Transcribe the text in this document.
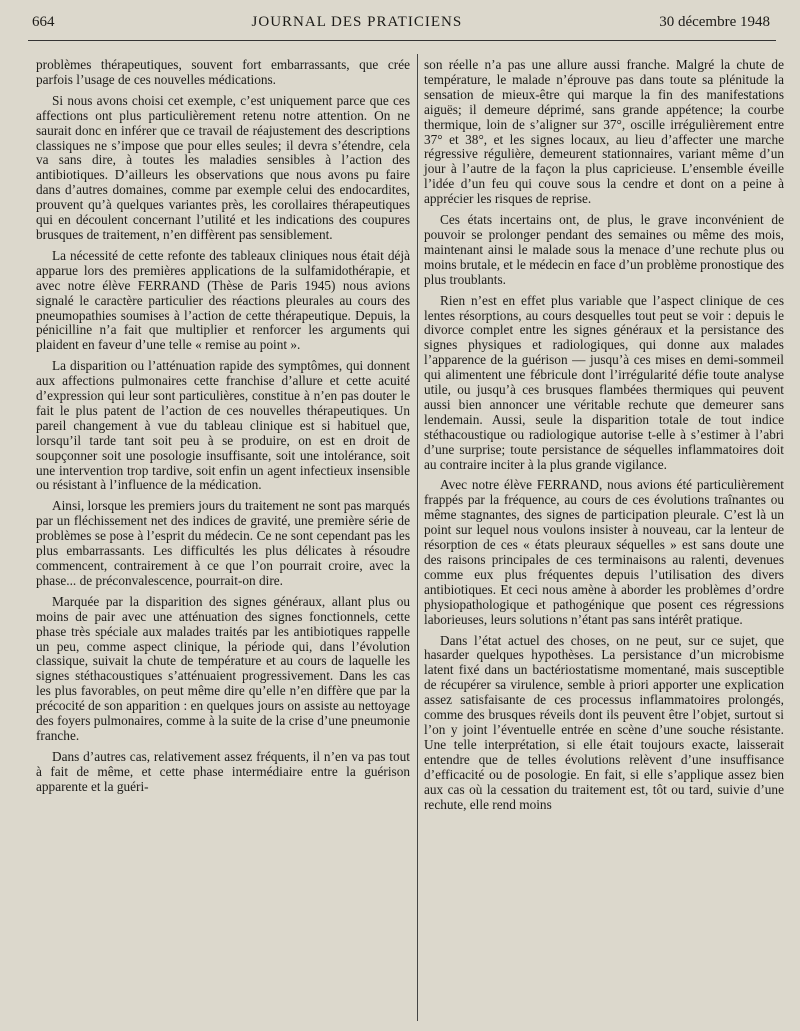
664	JOURNAL DES PRATICIENS	30 décembre 1948

problèmes thérapeutiques, souvent fort embarrassants, que crée parfois l’usage de ces nouvelles médications.

Si nous avons choisi cet exemple, c’est uniquement parce que ces affections ont plus particulièrement retenu notre attention. On ne saurait donc en inférer que ce travail de réajustement des descriptions classiques ne s’impose que pour elles seules; il devra s’étendre, cela va sans dire, à toutes les maladies sensibles à l’action des antibiotiques. D’ailleurs les observations que nous avons pu faire dans d’autres domaines, comme par exemple celui des endocardites, prouvent qu’à quelques variantes près, les corollaires thérapeutiques qui en découlent concernant l’utilité et les indications des coupures brusques de traitement, n’en diffèrent pas sensiblement.

La nécessité de cette refonte des tableaux cliniques nous était déjà apparue lors des premières applications de la sulfamidothérapie, et avec notre élève FERRAND (Thèse de Paris 1945) nous avions signalé le caractère particulier des réactions pleurales au cours des pneumopathies soumises à l’action de cette thérapeutique. Depuis, la pénicilline n’a fait que multiplier et renforcer les arguments qui plaident en faveur d’une telle « remise au point ».

La disparition ou l’atténuation rapide des symptômes, qui donnent aux affections pulmonaires cette franchise d’allure et cette acuité d’expression qui leur sont particulières, constitue à n’en pas douter le fait le plus patent de l’action de ces nouvelles thérapeutiques. Un pareil changement à vue du tableau clinique est si habituel que, lorsqu’il tarde tant soit peu à se produire, on est en droit de soupçonner soit une posologie insuffisante, soit une intolérance, soit une intervention trop tardive, soit enfin un agent infectieux insensible ou résistant à l’influence de la médication.

Ainsi, lorsque les premiers jours du traitement ne sont pas marqués par un fléchissement net des indices de gravité, une première série de problèmes se pose à l’esprit du médecin. Ce ne sont cependant pas les plus embarrassants. Les difficultés les plus délicates à résoudre commencent, contrairement à ce que l’on pourrait croire, avec la phase... de préconvalescence, pourrait-on dire.

Marquée par la disparition des signes généraux, allant plus ou moins de pair avec une atténuation des signes fonctionnels, cette phase très spéciale aux malades traités par les antibiotiques rappelle un peu, comme aspect clinique, la période qui, dans l’évolution classique, suivait la chute de température et au cours de laquelle les signes stéthacoustiques s’atténuaient progressivement. Dans les cas les plus favorables, on peut même dire qu’elle n’en diffère que par la précocité de son apparition : en quelques jours on assiste au nettoyage des foyers pulmonaires, comme à la suite de la crise d’une pneumonie franche.

Dans d’autres cas, relativement assez fréquents, il n’en va pas tout à fait de même, et cette phase intermédiaire entre la guérison apparente et la guéri-

son réelle n’a pas une allure aussi franche. Malgré la chute de température, le malade n’éprouve pas dans toute sa plénitude la sensation de mieux-être qui marque la fin des manifestations aiguës; il demeure déprimé, sans grande appétence; la courbe thermique, loin de s’aligner sur 37°, oscille irrégulièrement entre 37° et 38°, et les signes locaux, au lieu d’affecter une marche régressive régulière, demeurent stationnaires, variant même d’un jour à l’autre de la façon la plus capricieuse. L’ensemble éveille l’idée d’un feu qui couve sous la cendre et dont on a peine à apprécier les risques de reprise.

Ces états incertains ont, de plus, le grave inconvénient de pouvoir se prolonger pendant des semaines ou même des mois, maintenant ainsi le malade sous la menace d’une rechute plus ou moins brutale, et le médecin en face d’un problème pronostique des plus troublants.

Rien n’est en effet plus variable que l’aspect clinique de ces lentes résorptions, au cours desquelles tout peut se voir : depuis le divorce complet entre les signes généraux et la persistance des signes physiques et radiologiques, qui donne aux malades l’apparence de la guérison — jusqu’à ces mises en demi-sommeil qui alimentent une fébricule dont l’irrégularité défie toute analyse utile, ou jusqu’à ces brusques flambées thermiques qui peuvent aussi bien annoncer une véritable rechute que demeurer sans lendemain. Aussi, seule la disparition totale de tout indice stéthacoustique ou radiologique autorise t-elle à s’estimer à l’abri d’une surprise; toute persistance de séquelles inflammatoires doit au contraire inciter à la plus grande vigilance.

Avec notre élève FERRAND, nous avions été particulièrement frappés par la fréquence, au cours de ces évolutions traînantes ou même stagnantes, des signes de participation pleurale. C’est là un point sur lequel nous voulons insister à nouveau, car la lenteur de résorption de ces « états pleuraux séquelles » est sans doute une des raisons principales de ces terminaisons au ralenti, devenues comme eux plus fréquentes depuis l’utilisation des divers antibiotiques. Et ceci nous amène à aborder les problèmes d’ordre physiopathologique et pathogénique que posent ces régressions laborieuses, leurs solutions n’étant pas sans intérêt pratique.

Dans l’état actuel des choses, on ne peut, sur ce sujet, que hasarder quelques hypothèses. La persistance d’un microbisme latent fixé dans un bactériostatisme momentané, mais susceptible de récupérer sa virulence, semble à priori apporter une explication assez satisfaisante de ces processus inflammatoires prolongés, comme des brusques réveils dont ils peuvent être l’objet, surtout si l’on y joint l’éventuelle entrée en scène d’une souche résistante. Une telle interprétation, si elle était toujours exacte, laisserait entendre que de telles évolutions relèvent d’une insuffisance d’efficacité ou de posologie. En fait, si elle s’applique assez bien aux cas où la cessation du traitement est, tôt ou tard, suivie d’une rechute, elle rend moins
